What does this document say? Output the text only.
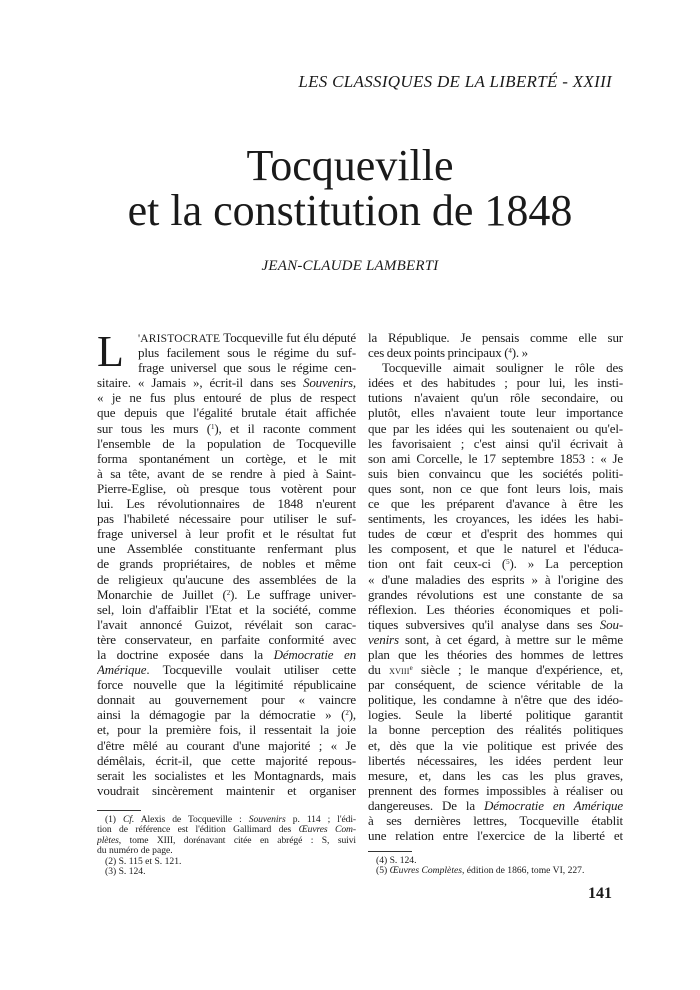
LES CLASSIQUES DE LA LIBERTÉ - XXIII
Tocqueville
et la constitution de 1848
JEAN-CLAUDE LAMBERTI
L	'ARISTOCRATE Tocqueville fut élu député
plus facilement sous le régime du suf-
frage universel que sous le régime cen-
sitaire. « Jamais », écrit-il dans ses Souvenirs,
« je ne fus plus entouré de plus de respect
que depuis que l'égalité brutale était affichée
sur tous les murs ($^1$), et il raconte comment
l'ensemble de la population de Tocqueville
forma spontanément un cortège, et le mit
à sa tête, avant de se rendre à pied à Saint-
Pierre-Eglise, où presque tous votèrent pour
lui. Les révolutionnaires de 1848 n'eurent
pas l'habileté nécessaire pour utiliser le suf-
frage universel à leur profit et le résultat fut
une Assemblée constituante renfermant plus
de grands propriétaires, de nobles et même
de religieux qu'aucune des assemblées de la
Monarchie de Juillet ($^2$). Le suffrage univer-
sel, loin d'affaiblir l'Etat et la société, comme
l'avait annoncé Guizot, révélait son carac-
tère conservateur, en parfaite conformité avec
la doctrine exposée dans la Démocratie en
Amérique. Tocqueville voulait utiliser cette
force nouvelle que la légitimité républicaine
donnait au gouvernement pour « vaincre
ainsi la démagogie par la démocratie » ($^2$),
et, pour la première fois, il ressentait la joie
d'être mêlé au courant d'une majorité ; « Je
démêlais, écrit-il, que cette majorité repous-
serait les socialistes et les Montagnards, mais
voudrait sincèrement maintenir et organiser
la République. Je pensais comme elle sur
ces deux points principaux ($^4$). »
Tocqueville aimait souligner le rôle des
idées et des habitudes ; pour lui, les insti-
tutions n'avaient qu'un rôle secondaire, ou
plutôt, elles n'avaient toute leur importance
que par les idées qui les soutenaient ou qu'el-
les favorisaient ; c'est ainsi qu'il écrivait à
son ami Corcelle, le 17 septembre 1853 : « Je
suis bien convaincu que les sociétés politi-
ques sont, non ce que font leurs lois, mais
ce que les préparent d'avance à être les
sentiments, les croyances, les idées les habi-
tudes de cœur et d'esprit des hommes qui
les composent, et que le naturel et l'éduca-
tion ont fait ceux-ci ($^5$). » La perception
« d'une maladies des esprits » à l'origine des
grandes révolutions est une constante de sa
réflexion. Les théories économiques et poli-
tiques subversives qu'il analyse dans ses Sou-
venirs sont, à cet égard, à mettre sur le même
plan que les théories des hommes de lettres
du xviii$^e$ siècle ; le manque d'expérience, et,
par conséquent, de science véritable de la
politique, les condamne à n'être que des idéo-
logies. Seule la liberté politique garantit
la bonne perception des réalités politiques
et, dès que la vie politique est privée des
libertés nécessaires, les idées perdent leur
mesure, et, dans les cas les plus graves,
prennent des formes impossibles à réaliser ou
dangereuses. De la Démocratie en Amérique
à ses dernières lettres, Tocqueville établit
une relation entre l'exercice de la liberté et
(1) Cf. Alexis de Tocqueville : Souvenirs p. 114 ; l'édi-
tion de référence est l'édition Gallimard des Œuvres Com-
plètes, tome XIII, dorénavant citée en abrégé : S, suivi
du numéro de page.
(2) S. 115 et S. 121.
(3) S. 124.
(4) S. 124.
(5) Œuvres Complètes, édition de 1866, tome VI, 227.
141
